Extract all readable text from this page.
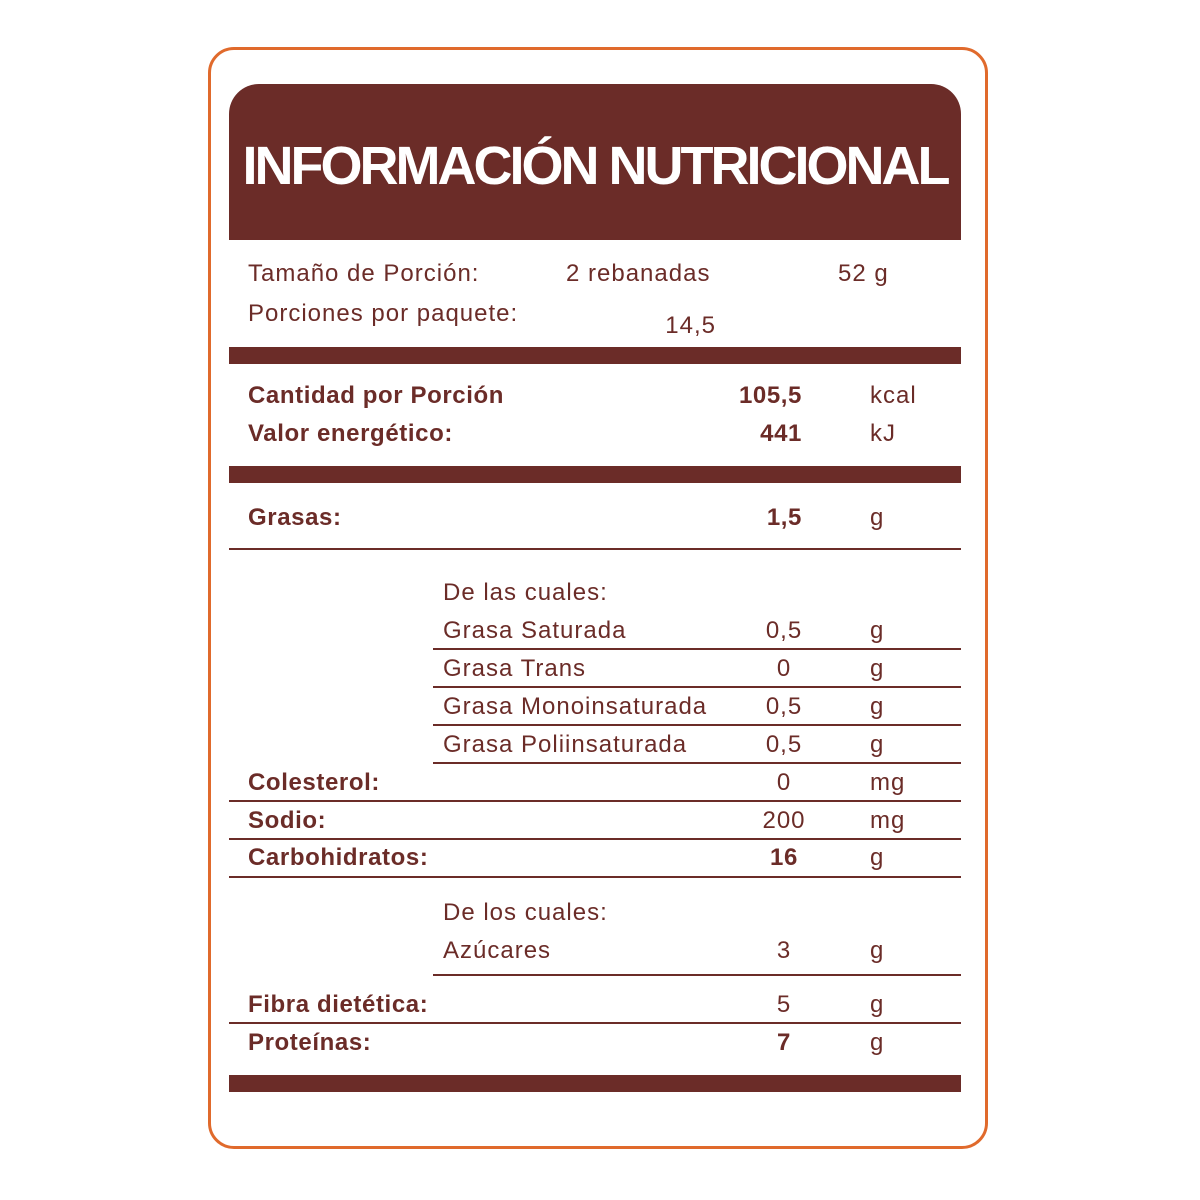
INFORMACIÓN NUTRICIONAL
Tamaño de Porción:	2 rebanadas	52 g
Porciones por paquete:	14,5
Cantidad por Porción	105,5	kcal
Valor energético:	441	kJ
Grasas:	1,5	g
De las cuales:
Grasa Saturada	0,5	g
Grasa Trans	0	g
Grasa Monoinsaturada 0,5	g
Grasa Poliinsaturada	0,5	g
Colesterol:	0	mg
Sodio:	200	mg
Carbohidratos:	16	g
De los cuales:
Azúcares	3	g
Fibra dietética:	5	g
Proteínas:	7	g
